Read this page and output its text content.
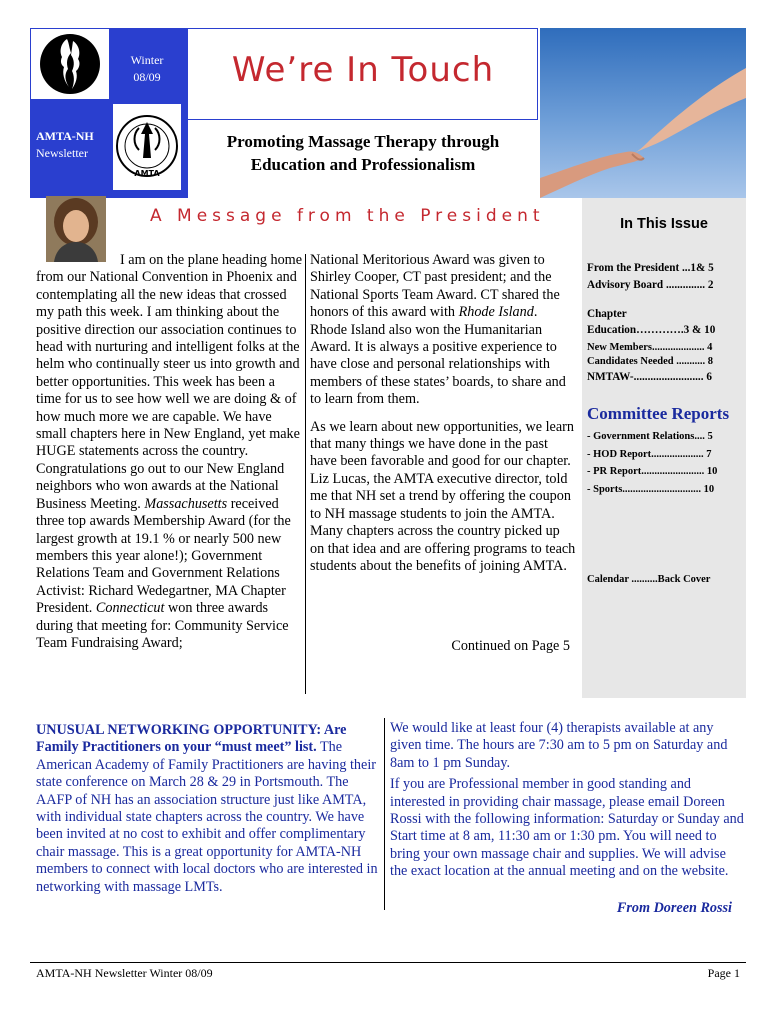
Winter
08/09
AMTA-NH
Newsletter
AMTA
We’re In Touch
Promoting Massage Therapy through
Education and Professionalism
A Message from the President

I am on the plane heading home from our National Convention in Phoenix and contemplating all the new ideas that crossed my path this week. I am thinking about the positive direction our association continues to head with nurturing and intelligent folks at the helm who continually steer us into growth and better opportunities. This week has been a time for us to see how well we are doing & of how much more we are capable. We have small chapters here in New England, yet make HUGE statements across the country. Congratulations go out to our New England neighbors who won awards at the National Business Meeting. Massachusetts received three top awards Membership Award (for the largest growth at 19.1 % or nearly 500 new members this year alone!); Government Relations Team and Government Relations Activist: Richard Wedegartner, MA Chapter President. Connecticut won three awards during that meeting for: Community Service Team Fundraising Award;

National Meritorious Award was given to Shirley Cooper, CT past president; and the National Sports Team Award. CT shared the honors of this award with Rhode Island. Rhode Island also won the Humanitarian Award. It is always a positive experience to have close and personal relationships with members of these states’ boards, to share and to learn from them.

As we learn about new opportunities, we learn that many things we have done in the past have been favorable and good for our chapter. Liz Lucas, the AMTA executive director, told me that NH set a trend by offering the coupon to NH massage students to join the AMTA. Many chapters across the country picked up on that idea and are offering programs to teach students about the benefits of joining AMTA.

Continued on Page 5
In This Issue
From the President ...1& 5
Advisory Board .............. 2
Chapter
Education………….3 & 10
New Members.................... 4
Candidates Needed ........... 8
NMTAW-......................... 6
Committee Reports
- Government Relations.... 5
- HOD Report.................... 7
- PR Report........................ 10
- Sports.............................. 10
Calendar ..........Back Cover
UNUSUAL NETWORKING OPPORTUNITY: Are Family Practitioners on your “must meet” list. The American Academy of Family Practitioners are having their state conference on March 28 & 29 in Portsmouth. The AAFP of NH has an association structure just like AMTA, with individual state chapters across the country. We have been invited at no cost to exhibit and offer complimentary chair massage. This is a great opportunity for AMTA-NH members to connect with local doctors who are interested in networking with massage LMTs.

We would like at least four (4) therapists available at any given time. The hours are 7:30 am to 5 pm on Saturday and 8am to 1 pm Sunday.

If you are Professional member in good standing and interested in providing chair massage, please email Doreen Rossi with the following information: Saturday or Sunday and Start time at 8 am, 11:30 am or 1:30 pm. You will need to bring your own massage chair and supplies. We will advise the exact location at the annual meeting and on the website.

From Doreen Rossi
AMTA-NH Newsletter Winter 08/09	Page 1
